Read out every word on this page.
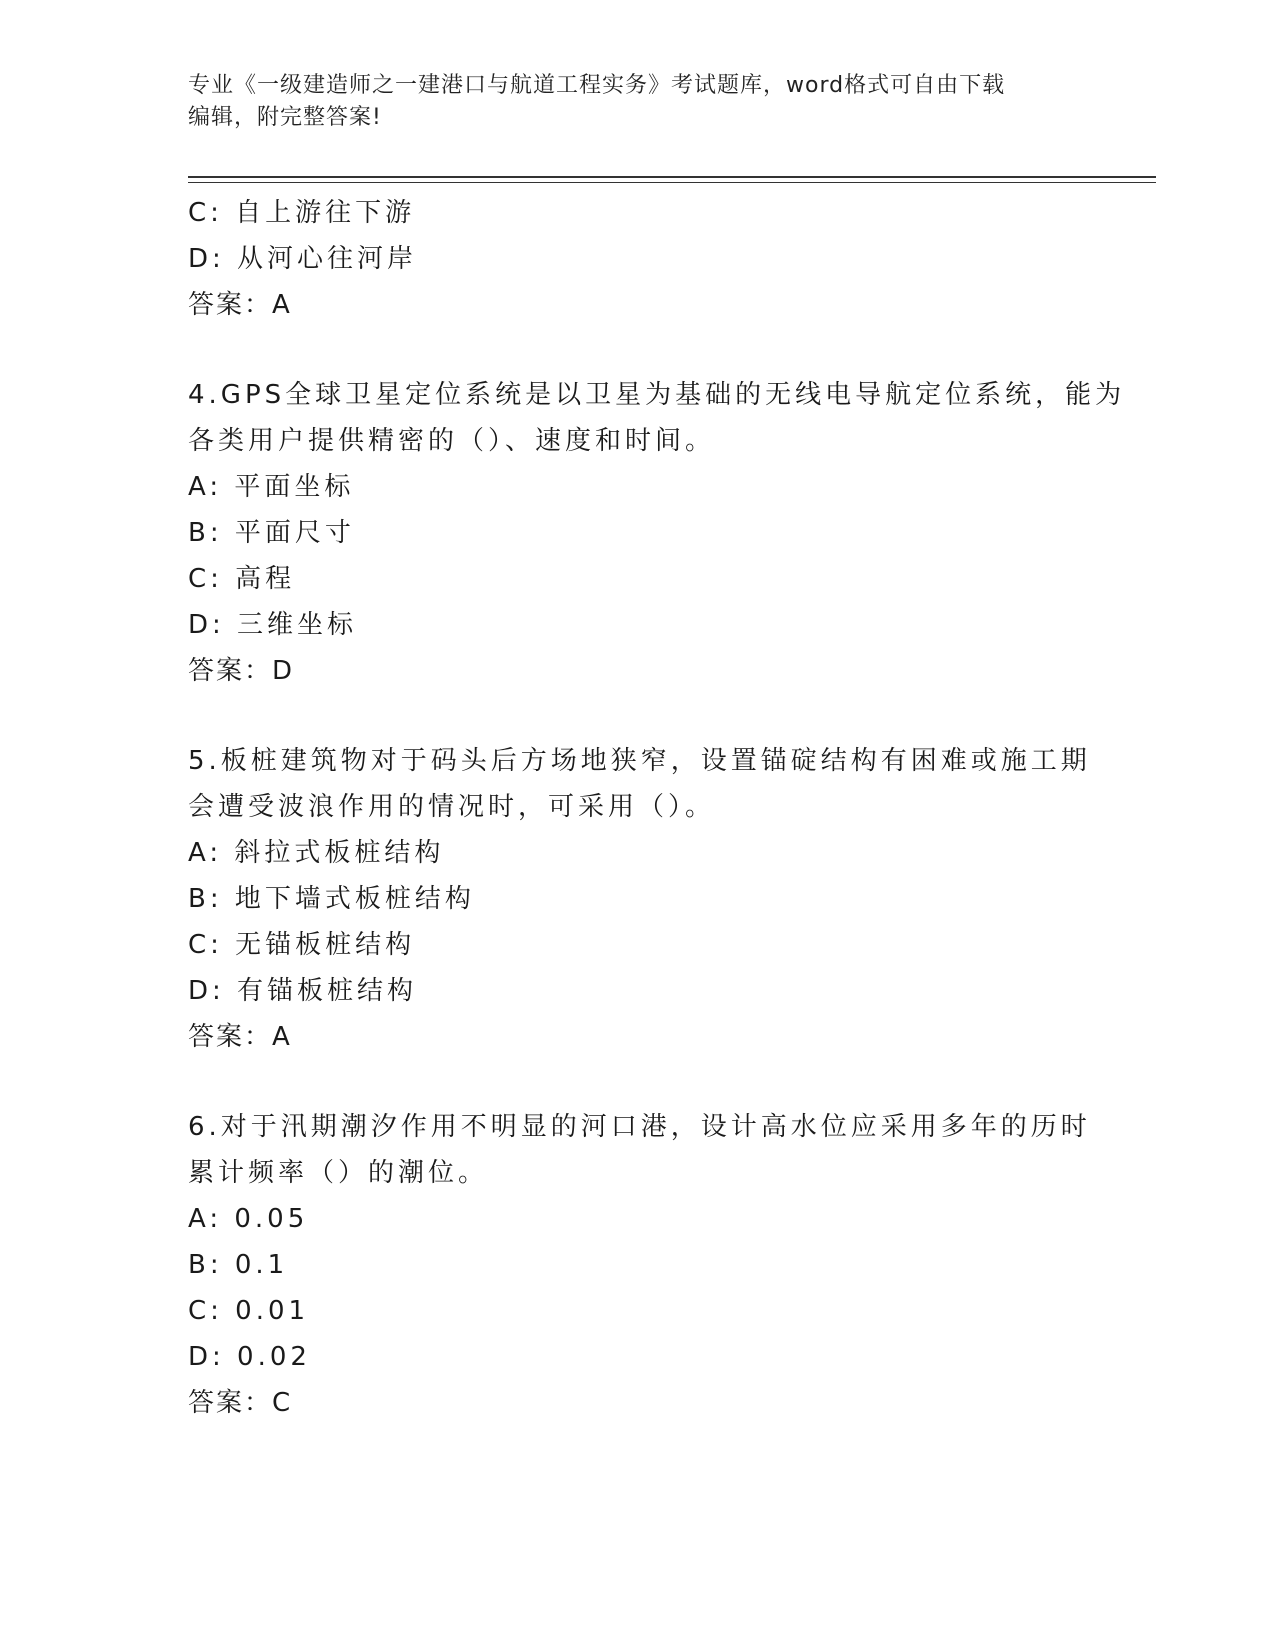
专业《一级建造师之一建港口与航道工程实务》考试题库，word格式可自由下载
编辑，附完整答案!
C: 自上游往下游
D: 从河心往河岸
答案：A
4.GPS全球卫星定位系统是以卫星为基础的无线电导航定位系统，能为
各类用户提供精密的（）、速度和时间。
A: 平面坐标
B: 平面尺寸
C: 高程
D: 三维坐标
答案：D
5.板桩建筑物对于码头后方场地狭窄，设置锚碇结构有困难或施工期
会遭受波浪作用的情况时，可采用（）。
A: 斜拉式板桩结构
B: 地下墙式板桩结构
C: 无锚板桩结构
D: 有锚板桩结构
答案：A
6.对于汛期潮汐作用不明显的河口港，设计高水位应采用多年的历时
累计频率（）的潮位。
A: 0.05
B: 0.1
C: 0.01
D: 0.02
答案：C
